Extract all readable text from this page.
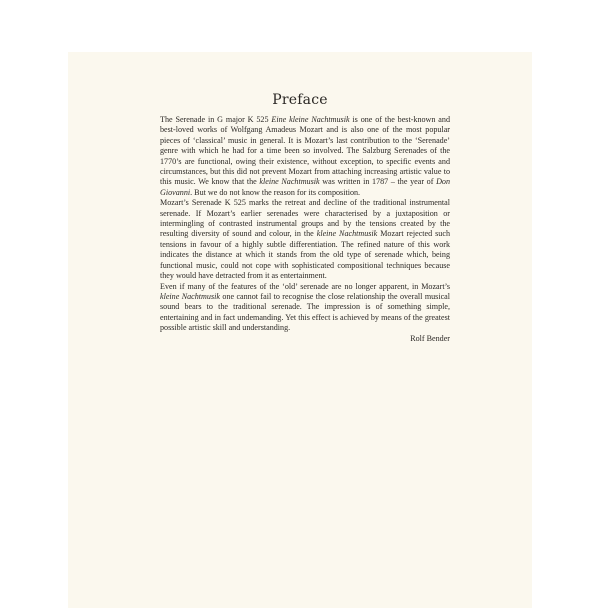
Preface

The Serenade in G major K 525 Eine kleine Nachtmusik is one of the best-known and best-loved works of Wolfgang Amadeus Mozart and is also one of the most popular pieces of ‘classical’ music in general. It is Mozart’s last contribution to the ‘Serenade’ genre with which he had for a time been so involved. The Salzburg Serenades of the 1770’s are functional, owing their existence, without exception, to specific events and circumstances, but this did not prevent Mozart from attaching increasing artistic value to this music. We know that the kleine Nachtmusik was written in 1787 – the year of Don Giovanni. But we do not know the reason for its composition.

Mozart’s Serenade K 525 marks the retreat and decline of the traditional instrumental serenade. If Mozart’s earlier serenades were characterised by a juxtaposition or intermingling of contrasted instrumental groups and by the tensions created by the resulting diversity of sound and colour, in the kleine Nachtmusik Mozart rejected such tensions in favour of a highly subtle differentiation. The refined nature of this work indicates the distance at which it stands from the old type of serenade which, being functional music, could not cope with sophisticated compositional techniques because they would have detracted from it as entertainment.

Even if many of the features of the ‘old’ serenade are no longer apparent, in Mozart’s kleine Nachtmusik one cannot fail to recognise the close relationship the overall musical sound bears to the traditional serenade. The impression is of something simple, entertaining and in fact undemanding. Yet this effect is achieved by means of the greatest possible artistic skill and understanding.

Rolf Bender
